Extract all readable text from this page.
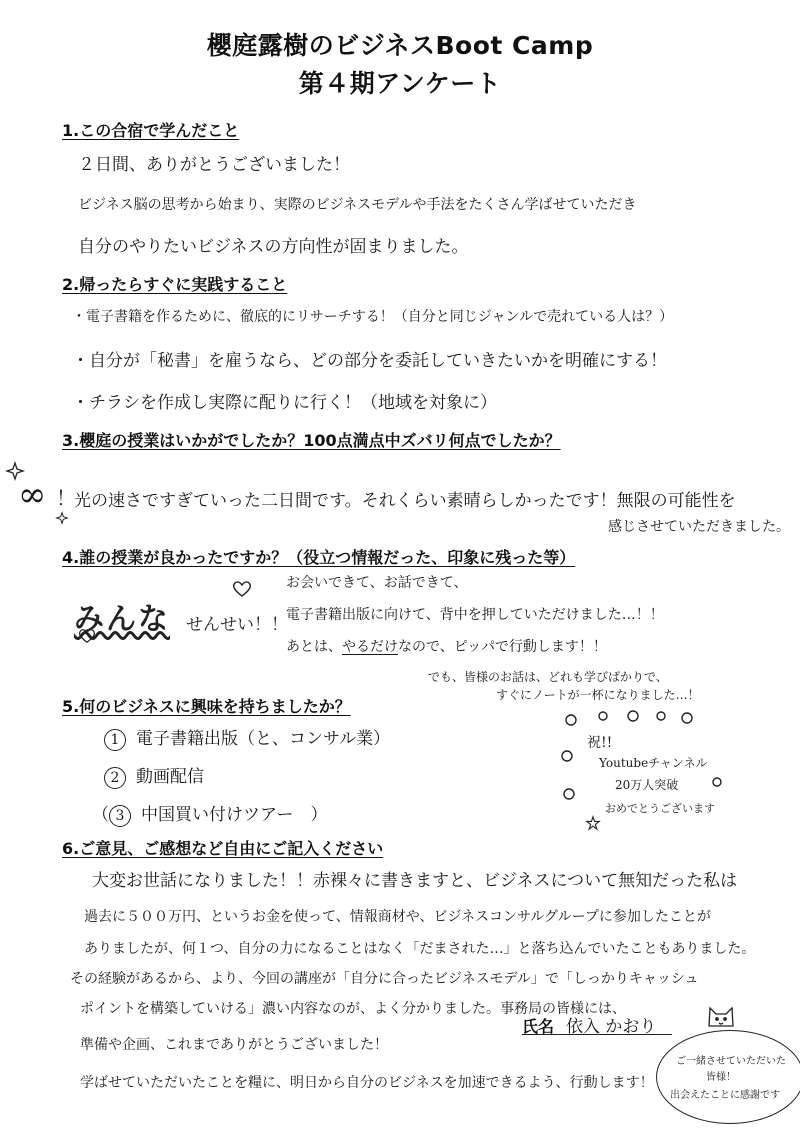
櫻庭露樹のビジネスBoot Camp
第４期アンケート
1.この合宿で学んだこと
２日間、ありがとうございました！
ビジネス脳の思考から始まり、実際のビジネスモデルや手法をたくさん学ばせていただき
自分のやりたいビジネスの方向性が固まりました。
2.帰ったらすぐに実践すること
・電子書籍を作るために、徹底的にリサーチする！（自分と同じジャンルで売れている人は？）
・自分が「秘書」を雇うなら、どの部分を委託していきたいかを明確にする！
・チラシを作成し実際に配りに行く！（地域を対象に）
3.櫻庭の授業はいかがでしたか？100点満点中ズバリ何点でしたか？
∞ ！
光の速さですぎていった二日間です。それくらい素晴らしかったです！無限の可能性を
感じさせていただきました。
4.誰の授業が良かったですか？（役立つ情報だった、印象に残った等）
みんな せんせい！！
お会いできて、お話できて、
電子書籍出版に向けて、背中を押していただけました…！！
あとは、やるだけなので、ピッパで行動します！！
でも、皆様のお話は、どれも学びばかりで、
すぐにノートが一杯になりました…！
5.何のビジネスに興味を持ちましたか？
1 電子書籍出版（と、コンサル業）
2 動画配信
（ 3 中国買い付けツアー　）
祝!!
Youtubeチャンネル
20万人突破
おめでとうございます
6.ご意見、ご感想など自由にご記入ください
大変お世話になりました！！赤裸々に書きますと、ビジネスについて無知だった私は
過去に５００万円、というお金を使って、情報商材や、ビジネスコンサルグループに参加したことが
ありましたが、何１つ、自分の力になることはなく「だまされた…」と落ち込んでいたこともありました。
その経験があるから、より、今回の講座が「自分に合ったビジネスモデル」で「しっかりキャッシュ
ポイントを構築していける」濃い内容なのが、よく分かりました。事務局の皆様には、
準備や企画、これまでありがとうございました！
学ばせていただいたことを糧に、明日から自分のビジネスを加速できるよう、行動します！
氏名 依入 かおり
ご一緒させていただいた
皆様！
出会えたことに感謝です
